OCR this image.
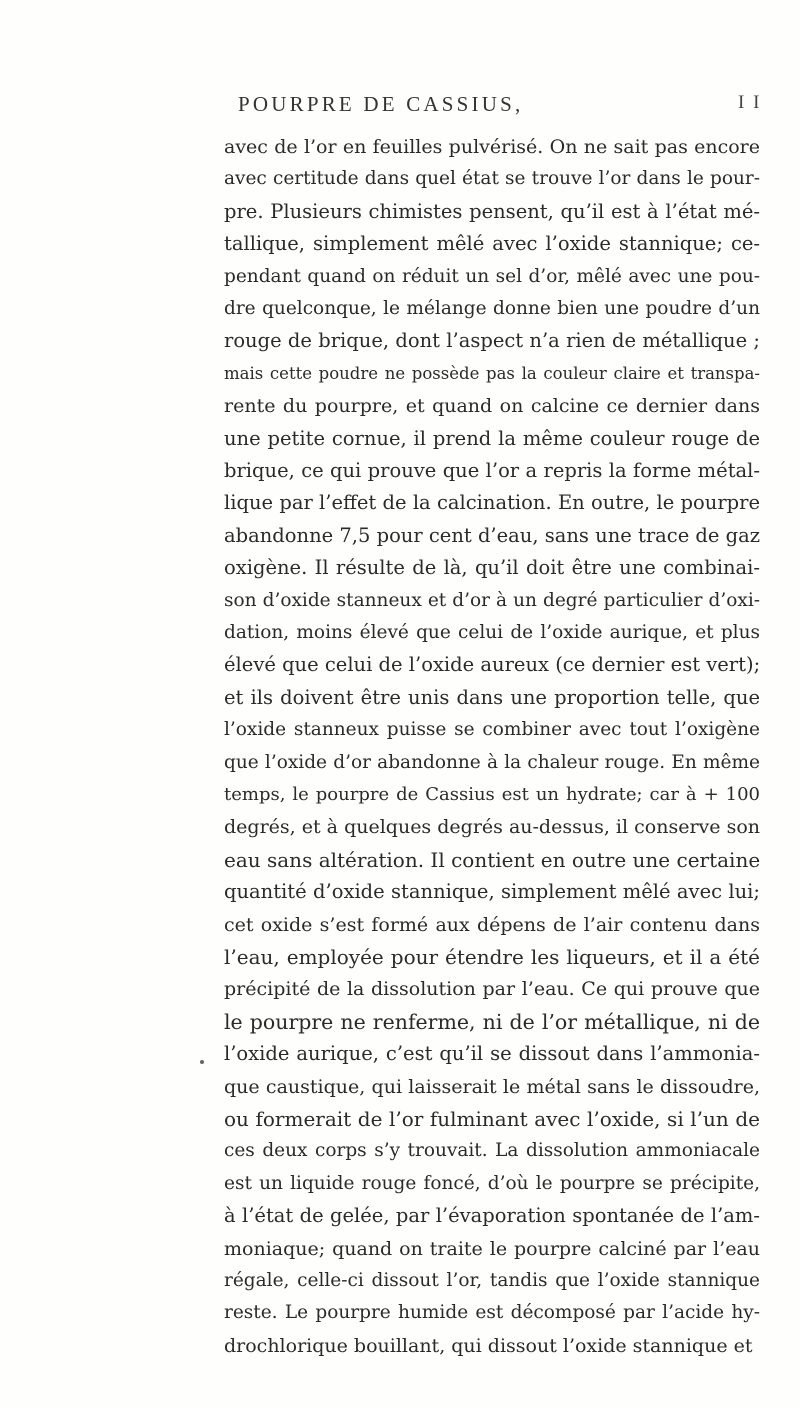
POURPRE DE CASSIUS,	I I
avec de l’or en feuilles pulvérisé. On ne sait pas encore
avec certitude dans quel état se trouve l’or dans le pour-
pre. Plusieurs chimistes pensent, qu’il est à l’état mé-
tallique, simplement mêlé avec l’oxide stannique; ce-
pendant quand on réduit un sel d’or, mêlé avec une pou-
dre quelconque, le mélange donne bien une poudre d’un
rouge de brique, dont l’aspect n’a rien de métallique ;
mais cette poudre ne possède pas la couleur claire et transpa-
rente du pourpre, et quand on calcine ce dernier dans
une petite cornue, il prend la même couleur rouge de
brique, ce qui prouve que l’or a repris la forme métal-
lique par l’effet de la calcination. En outre, le pourpre
abandonne 7,5 pour cent d’eau, sans une trace de gaz
oxigène. Il résulte de là, qu’il doit être une combinai-
son d’oxide stanneux et d’or à un degré particulier d’oxi-
dation, moins élevé que celui de l’oxide aurique, et plus
élevé que celui de l’oxide aureux (ce dernier est vert);
et ils doivent être unis dans une proportion telle, que
l’oxide stanneux puisse se combiner avec tout l’oxigène
que l’oxide d’or abandonne à la chaleur rouge. En même
temps, le pourpre de Cassius est un hydrate; car à + 100
degrés, et à quelques degrés au-dessus, il conserve son
eau sans altération. Il contient en outre une certaine
quantité d’oxide stannique, simplement mêlé avec lui;
cet oxide s’est formé aux dépens de l’air contenu dans
l’eau, employée pour étendre les liqueurs, et il a été
précipité de la dissolution par l’eau. Ce qui prouve que
le pourpre ne renferme, ni de l’or métallique, ni de
l’oxide aurique, c’est qu’il se dissout dans l’ammonia-
que caustique, qui laisserait le métal sans le dissoudre,
ou formerait de l’or fulminant avec l’oxide, si l’un de
ces deux corps s’y trouvait. La dissolution ammoniacale
est un liquide rouge foncé, d’où le pourpre se précipite,
à l’état de gelée, par l’évaporation spontanée de l’am-
moniaque; quand on traite le pourpre calciné par l’eau
régale, celle-ci dissout l’or, tandis que l’oxide stannique
reste. Le pourpre humide est décomposé par l’acide hy-
drochlorique bouillant, qui dissout l’oxide stannique et
